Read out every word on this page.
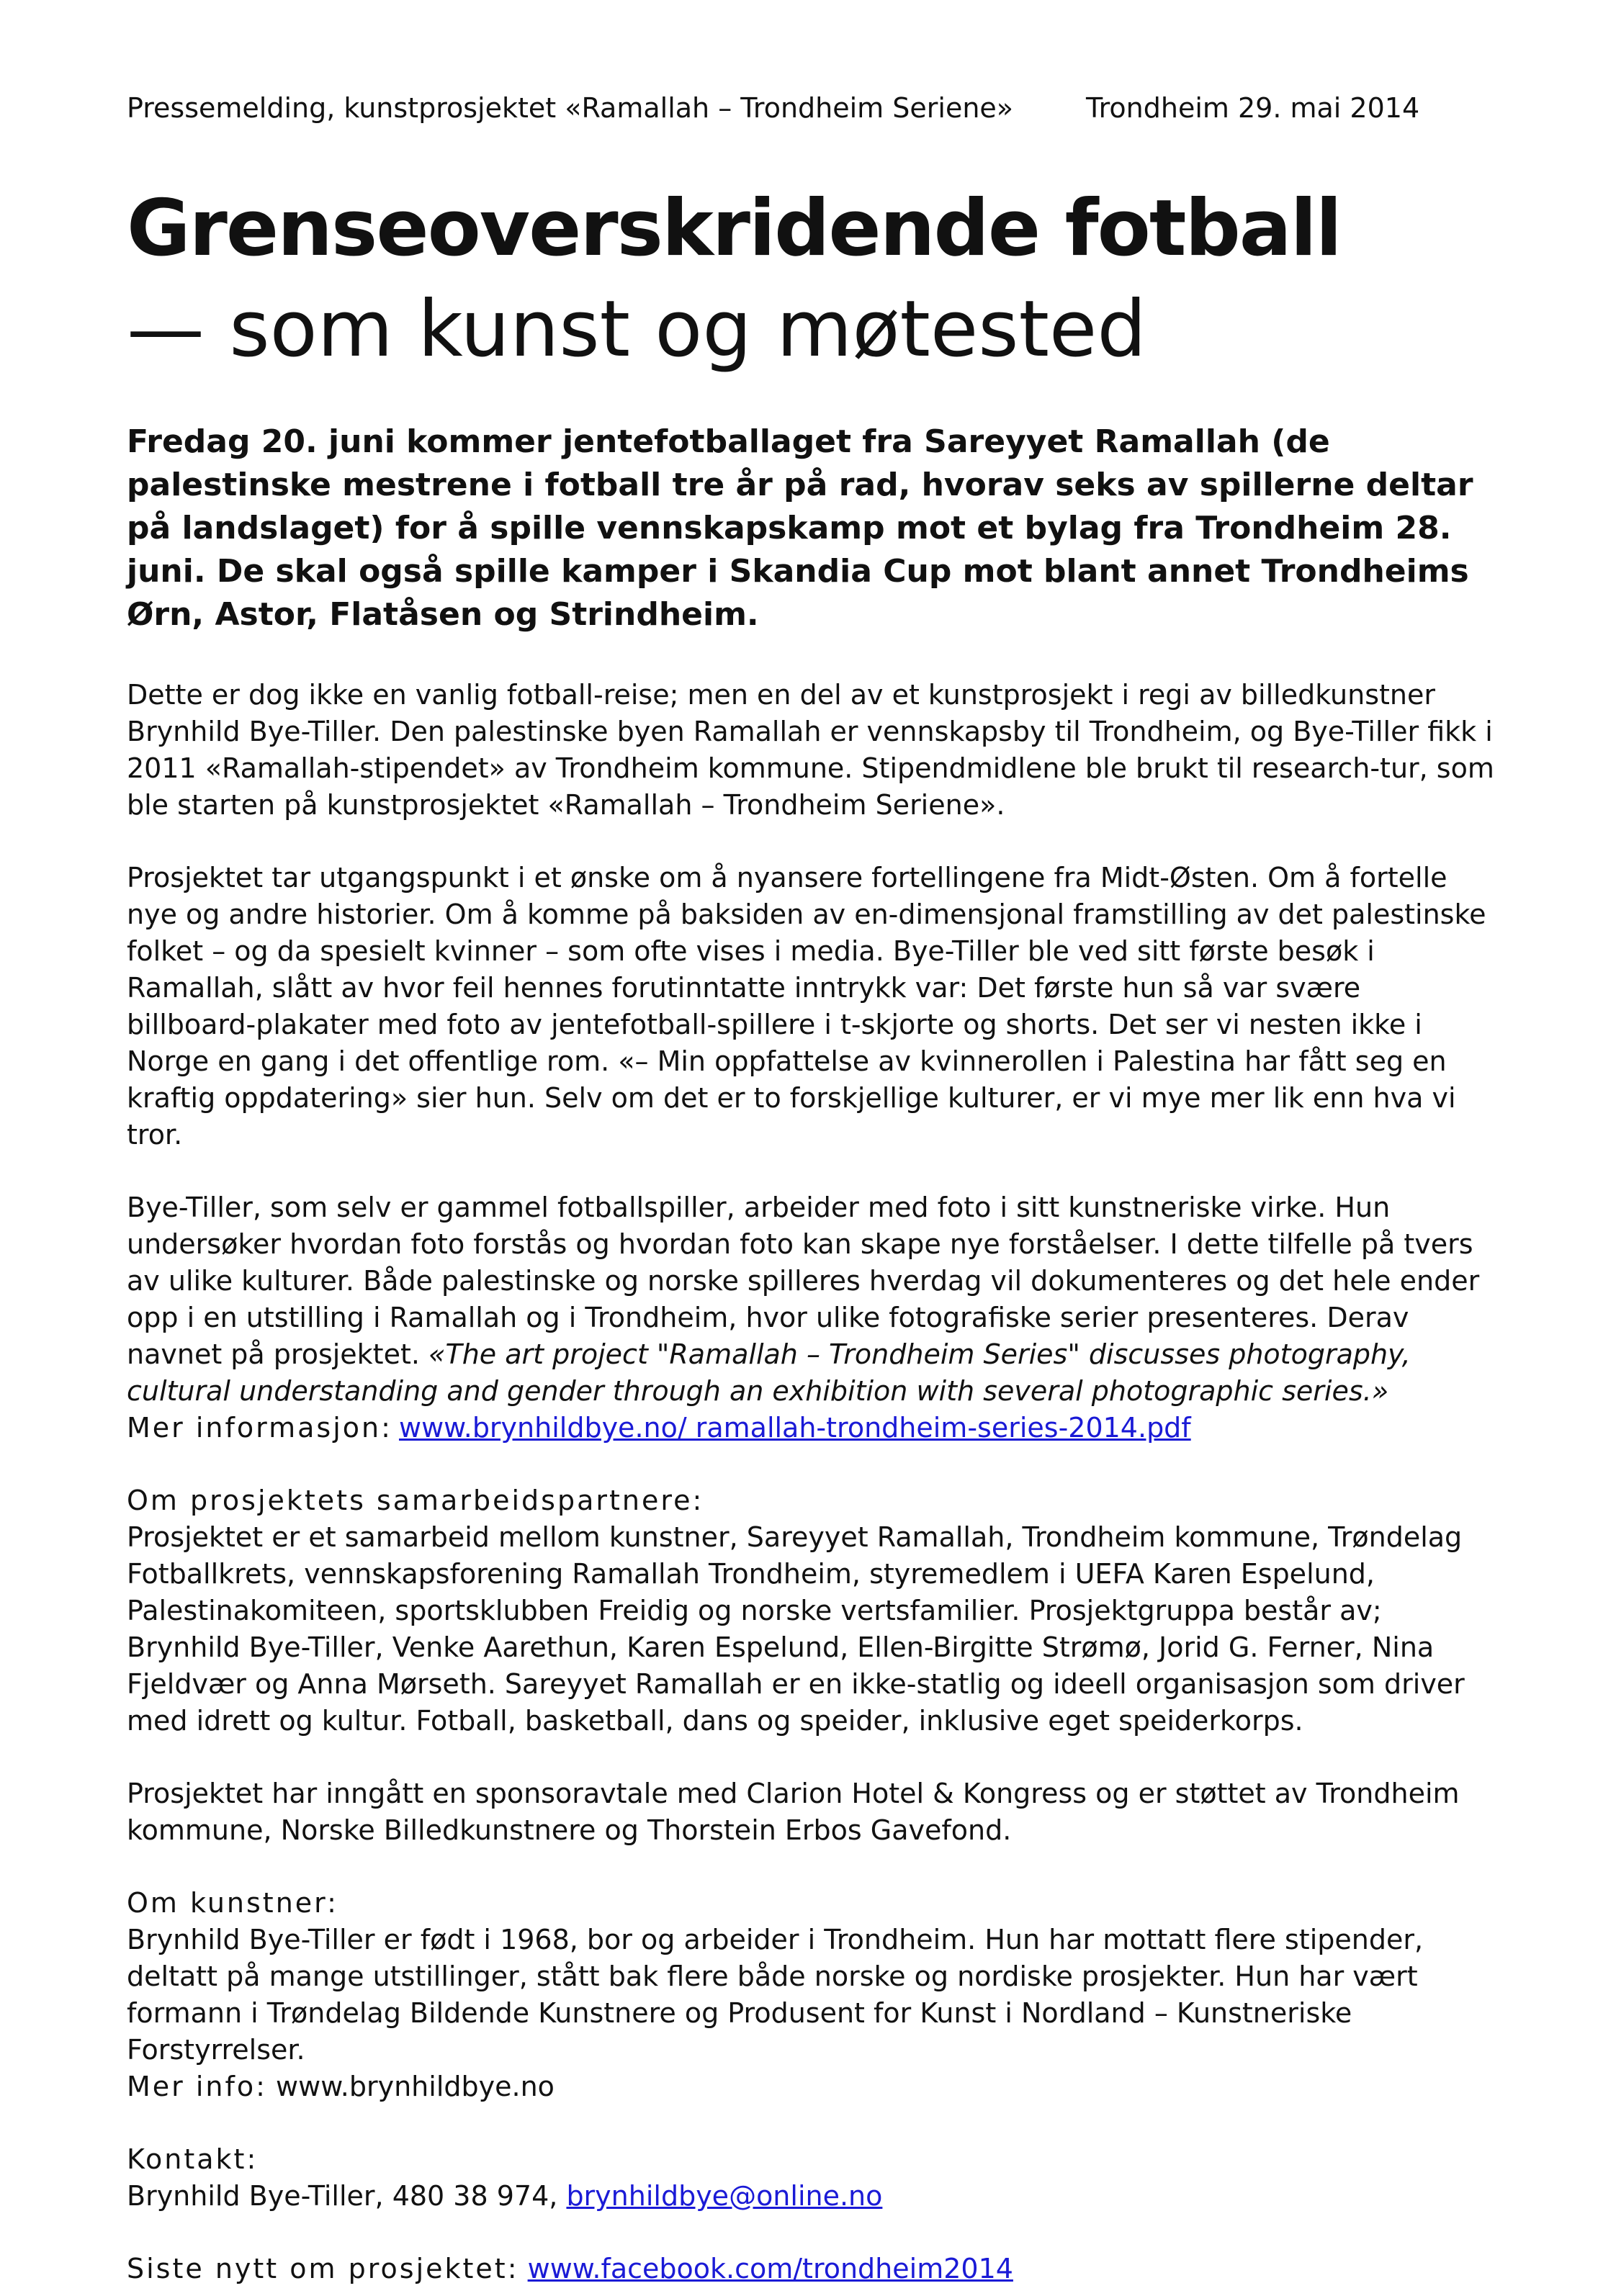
Pressemelding, kunstprosjektet «Ramallah – Trondheim Seriene»	Trondheim 29. mai 2014
Grenseoverskridende fotball
— som kunst og møtested

Fredag 20. juni kommer jentefotballaget fra Sareyyet Ramallah (de palestinske mestrene i fotball tre år på rad, hvorav seks av spillerne deltar på landslaget) for å spille vennskapskamp mot et bylag fra Trondheim 28. juni. De skal også spille kamper i Skandia Cup mot blant annet Trondheims Ørn, Astor, Flatåsen og Strindheim.

Dette er dog ikke en vanlig fotball-reise; men en del av et kunstprosjekt i regi av billedkunstner Brynhild Bye-Tiller. Den palestinske byen Ramallah er vennskapsby til Trondheim, og Bye-Tiller fikk i 2011 «Ramallah-stipendet» av Trondheim kommune. Stipendmidlene ble brukt til research-tur, som ble starten på kunstprosjektet «Ramallah – Trondheim Seriene».

Prosjektet tar utgangspunkt i et ønske om å nyansere fortellingene fra Midt-Østen. Om å fortelle nye og andre historier. Om å komme på baksiden av en-dimensjonal framstilling av det palestinske folket – og da spesielt kvinner – som ofte vises i media. Bye-Tiller ble ved sitt første besøk i Ramallah, slått av hvor feil hennes forutinntatte inntrykk var: Det første hun så var svære billboard-plakater med foto av jentefotball-spillere i t-skjorte og shorts. Det ser vi nesten ikke i Norge en gang i det offentlige rom. «– Min oppfattelse av kvinnerollen i Palestina har fått seg en kraftig oppdatering» sier hun. Selv om det er to forskjellige kulturer, er vi mye mer lik enn hva vi tror.

Bye-Tiller, som selv er gammel fotballspiller, arbeider med foto i sitt kunstneriske virke. Hun undersøker hvordan foto forstås og hvordan foto kan skape nye forståelser. I dette tilfelle på tvers av ulike kulturer. Både palestinske og norske spilleres hverdag vil dokumenteres og det hele ender opp i en utstilling i Ramallah og i Trondheim, hvor ulike fotografiske serier presenteres. Derav navnet på prosjektet. «The art project "Ramallah – Trondheim Series" discusses photography, cultural understanding and gender through an exhibition with several photographic series.»

Mer informasjon: www.brynhildbye.no/ ramallah-trondheim-series-2014.pdf

Om prosjektets samarbeidspartnere:

Prosjektet er et samarbeid mellom kunstner, Sareyyet Ramallah, Trondheim kommune, Trøndelag Fotballkrets, vennskapsforening Ramallah Trondheim, styremedlem i UEFA Karen Espelund, Palestinakomiteen, sportsklubben Freidig og norske vertsfamilier. Prosjektgruppa består av; Brynhild Bye-Tiller, Venke Aarethun, Karen Espelund, Ellen-Birgitte Strømø, Jorid G. Ferner, Nina Fjeldvær og Anna Mørseth. Sareyyet Ramallah er en ikke-statlig og ideell organisasjon som driver med idrett og kultur. Fotball, basketball, dans og speider, inklusive eget speiderkorps.

Prosjektet har inngått en sponsoravtale med Clarion Hotel & Kongress og er støttet av Trondheim kommune, Norske Billedkunstnere og Thorstein Erbos Gavefond.

Om kunstner:

Brynhild Bye-Tiller er født i 1968, bor og arbeider i Trondheim. Hun har mottatt flere stipender, deltatt på mange utstillinger, stått bak flere både norske og nordiske prosjekter. Hun har vært formann i Trøndelag Bildende Kunstnere og Produsent for Kunst i Nordland – Kunstneriske Forstyrrelser.

Mer info: www.brynhildbye.no

Kontakt:

Brynhild Bye-Tiller, 480 38 974, brynhildbye@online.no

Siste nytt om prosjektet: www.facebook.com/trondheim2014
